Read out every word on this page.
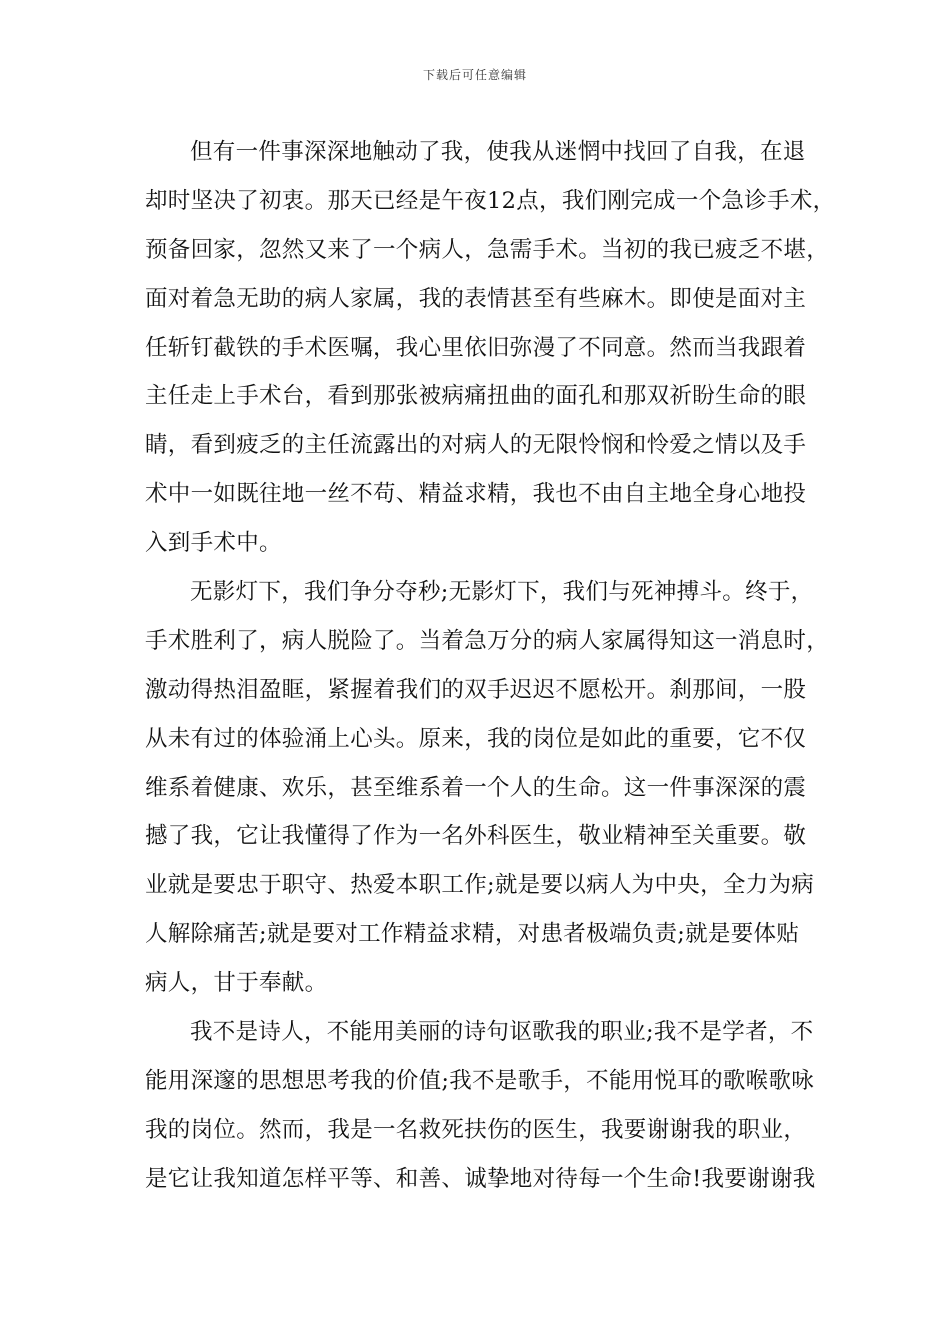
下载后可任意编辑
但有一件事深深地触动了我，使我从迷惘中找回了自我，在退
却时坚决了初衷。那天已经是午夜12点，我们刚完成一个急诊手术，
预备回家，忽然又来了一个病人，急需手术。当初的我已疲乏不堪，
面对着急无助的病人家属，我的表情甚至有些麻木。即使是面对主
任斩钉截铁的手术医嘱，我心里依旧弥漫了不同意。然而当我跟着
主任走上手术台，看到那张被病痛扭曲的面孔和那双祈盼生命的眼
睛，看到疲乏的主任流露出的对病人的无限怜悯和怜爱之情以及手
术中一如既往地一丝不苟、精益求精，我也不由自主地全身心地投
入到手术中。
无影灯下，我们争分夺秒;无影灯下，我们与死神搏斗。终于，
手术胜利了，病人脱险了。当着急万分的病人家属得知这一消息时，
激动得热泪盈眶，紧握着我们的双手迟迟不愿松开。刹那间，一股
从未有过的体验涌上心头。原来，我的岗位是如此的重要，它不仅
维系着健康、欢乐，甚至维系着一个人的生命。这一件事深深的震
撼了我，它让我懂得了作为一名外科医生，敬业精神至关重要。敬
业就是要忠于职守、热爱本职工作;就是要以病人为中央，全力为病
人解除痛苦;就是要对工作精益求精，对患者极端负责;就是要体贴
病人，甘于奉献。
我不是诗人，不能用美丽的诗句讴歌我的职业;我不是学者，不
能用深邃的思想思考我的价值;我不是歌手，不能用悦耳的歌喉歌咏
我的岗位。然而，我是一名救死扶伤的医生，我要谢谢我的职业，
是它让我知道怎样平等、和善、诚挚地对待每一个生命!我要谢谢我
